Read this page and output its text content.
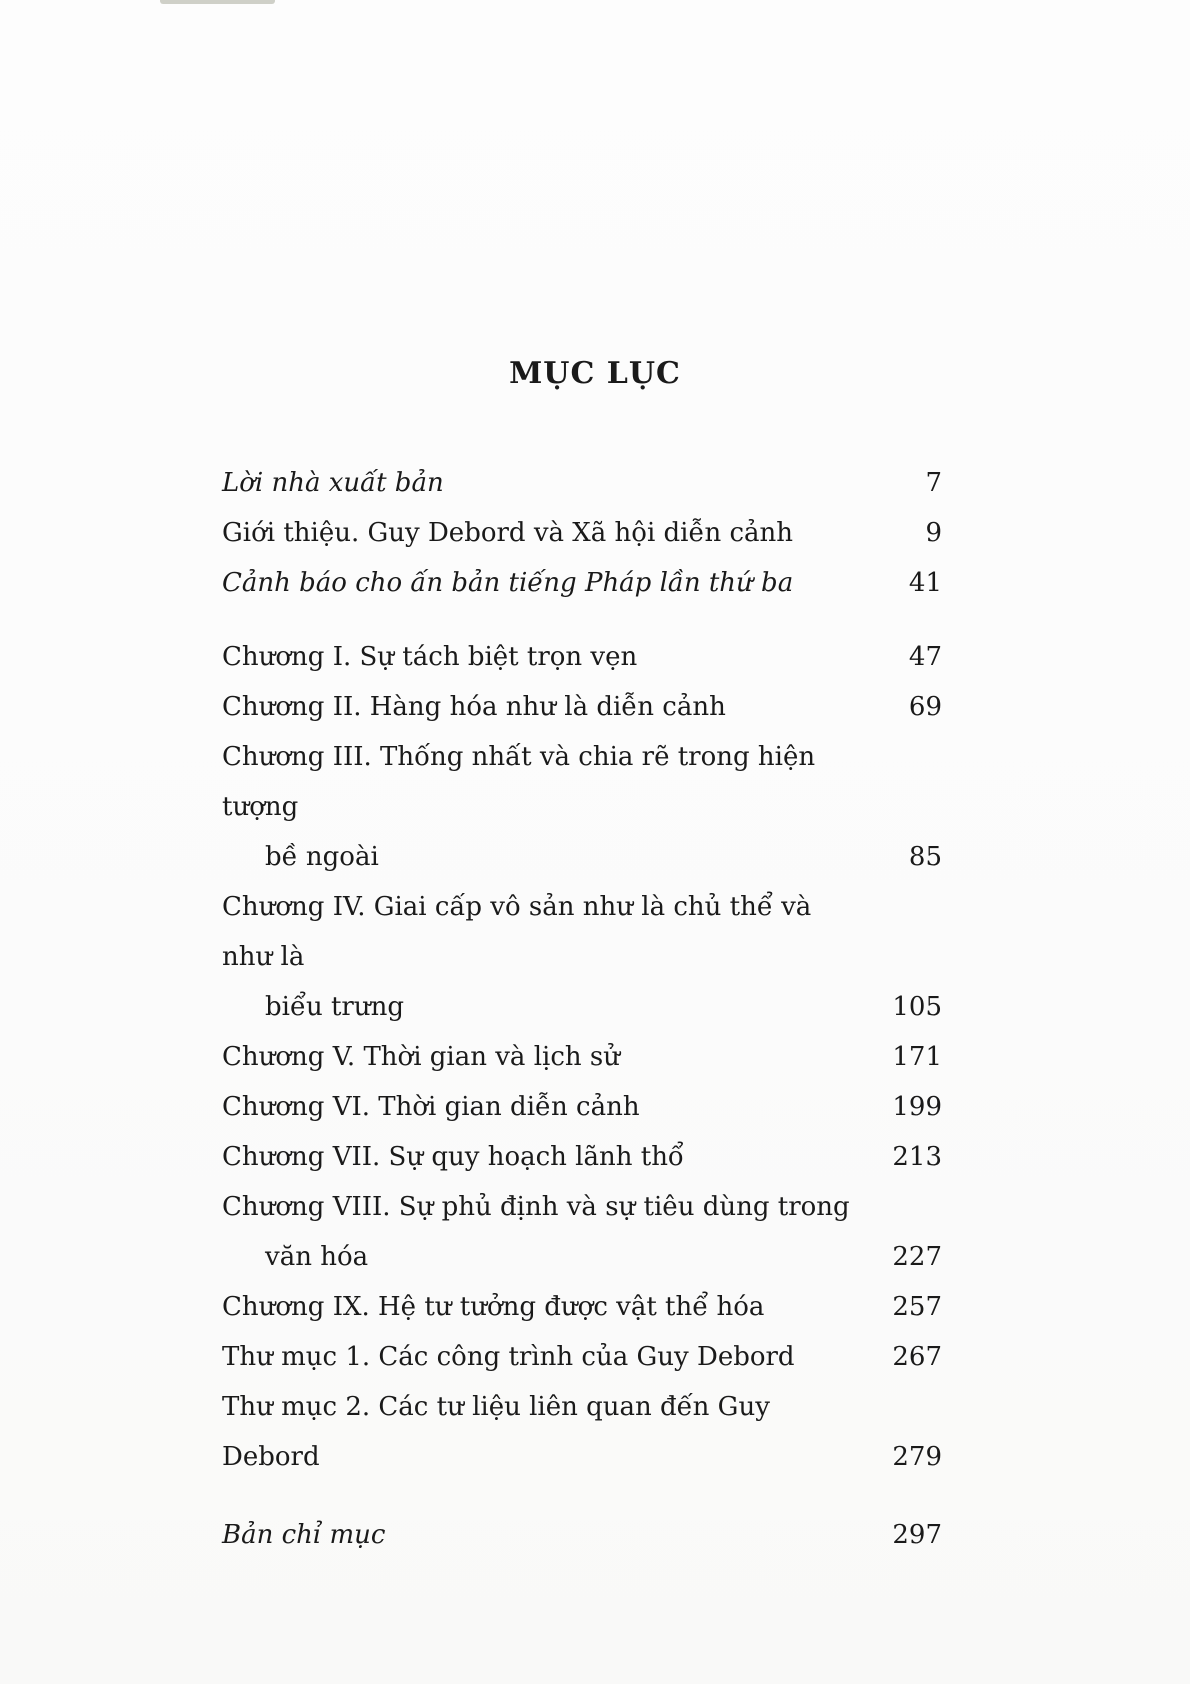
MỤC LỤC
Lời nhà xuất bản	7
Giới thiệu. Guy Debord và Xã hội diễn cảnh	9
Cảnh báo cho ấn bản tiếng Pháp lần thứ ba	41
Chương I. Sự tách biệt trọn vẹn	47
Chương II. Hàng hóa như là diễn cảnh	69
Chương III. Thống nhất và chia rẽ trong hiện tượng
bề ngoài	85
Chương IV. Giai cấp vô sản như là chủ thể và như là
biểu trưng	105
Chương V. Thời gian và lịch sử	171
Chương VI. Thời gian diễn cảnh	199
Chương VII. Sự quy hoạch lãnh thổ	213
Chương VIII. Sự phủ định và sự tiêu dùng trong
văn hóa	227
Chương IX. Hệ tư tưởng được vật thể hóa	257
Thư mục 1. Các công trình của Guy Debord	267
Thư mục 2. Các tư liệu liên quan đến Guy Debord	279
Bản chỉ mục	297
